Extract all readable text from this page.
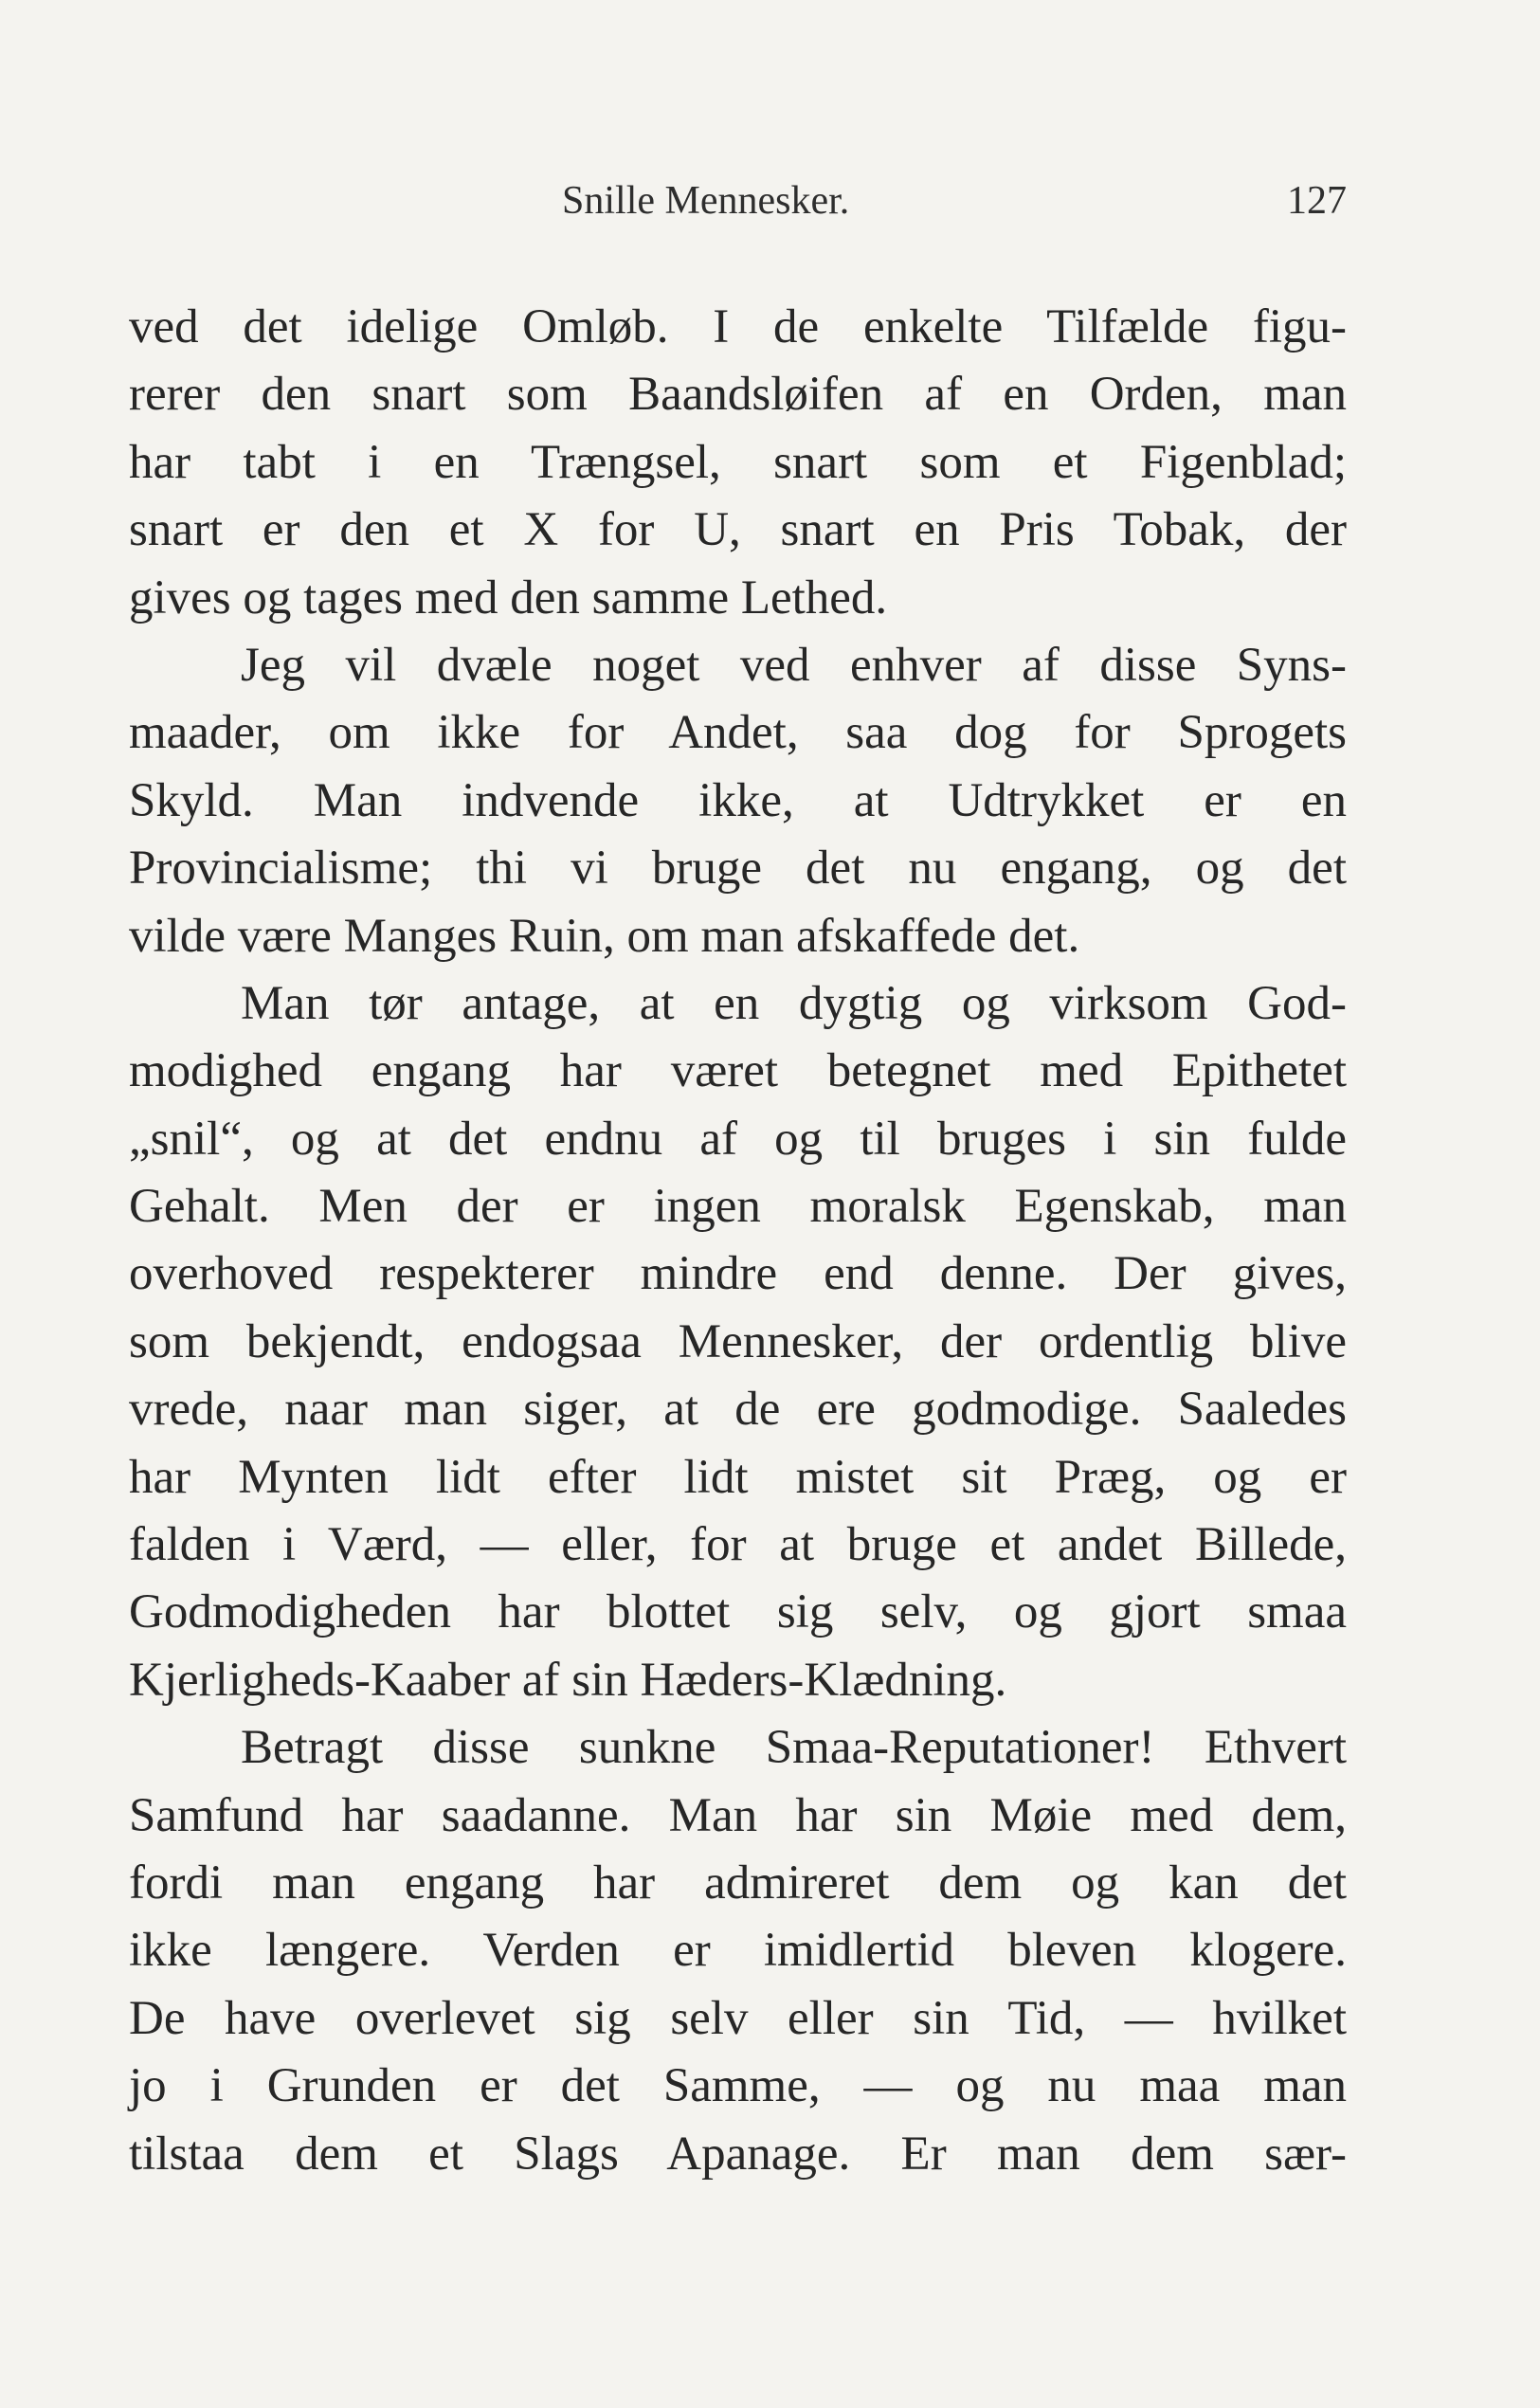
Snille Mennesker.	127
ved det idelige Omløb. I de enkelte Tilfælde figu-
rerer den snart som Baandsløifen af en Orden, man
har tabt i en Trængsel, snart som et Figenblad;
snart er den et X for U, snart en Pris Tobak, der
gives og tages med den samme Lethed.
Jeg vil dvæle noget ved enhver af disse Syns-
maader, om ikke for Andet, saa dog for Sprogets
Skyld. Man indvende ikke, at Udtrykket er en
Provincialisme; thi vi bruge det nu engang, og det
vilde være Manges Ruin, om man afskaffede det.
Man tør antage, at en dygtig og virksom God-
modighed engang har været betegnet med Epithetet
„snil“, og at det endnu af og til bruges i sin fulde
Gehalt. Men der er ingen moralsk Egenskab, man
overhoved respekterer mindre end denne. Der gives,
som bekjendt, endogsaa Mennesker, der ordentlig blive
vrede, naar man siger, at de ere godmodige. Saaledes
har Mynten lidt efter lidt mistet sit Præg, og er
falden i Værd, — eller, for at bruge et andet Billede,
Godmodigheden har blottet sig selv, og gjort smaa
Kjerligheds-Kaaber af sin Hæders-Klædning.
Betragt disse sunkne Smaa-Reputationer! Ethvert
Samfund har saadanne. Man har sin Møie med dem,
fordi man engang har admireret dem og kan det
ikke længere. Verden er imidlertid bleven klogere.
De have overlevet sig selv eller sin Tid, — hvilket
jo i Grunden er det Samme, — og nu maa man
tilstaa dem et Slags Apanage. Er man dem sær-
